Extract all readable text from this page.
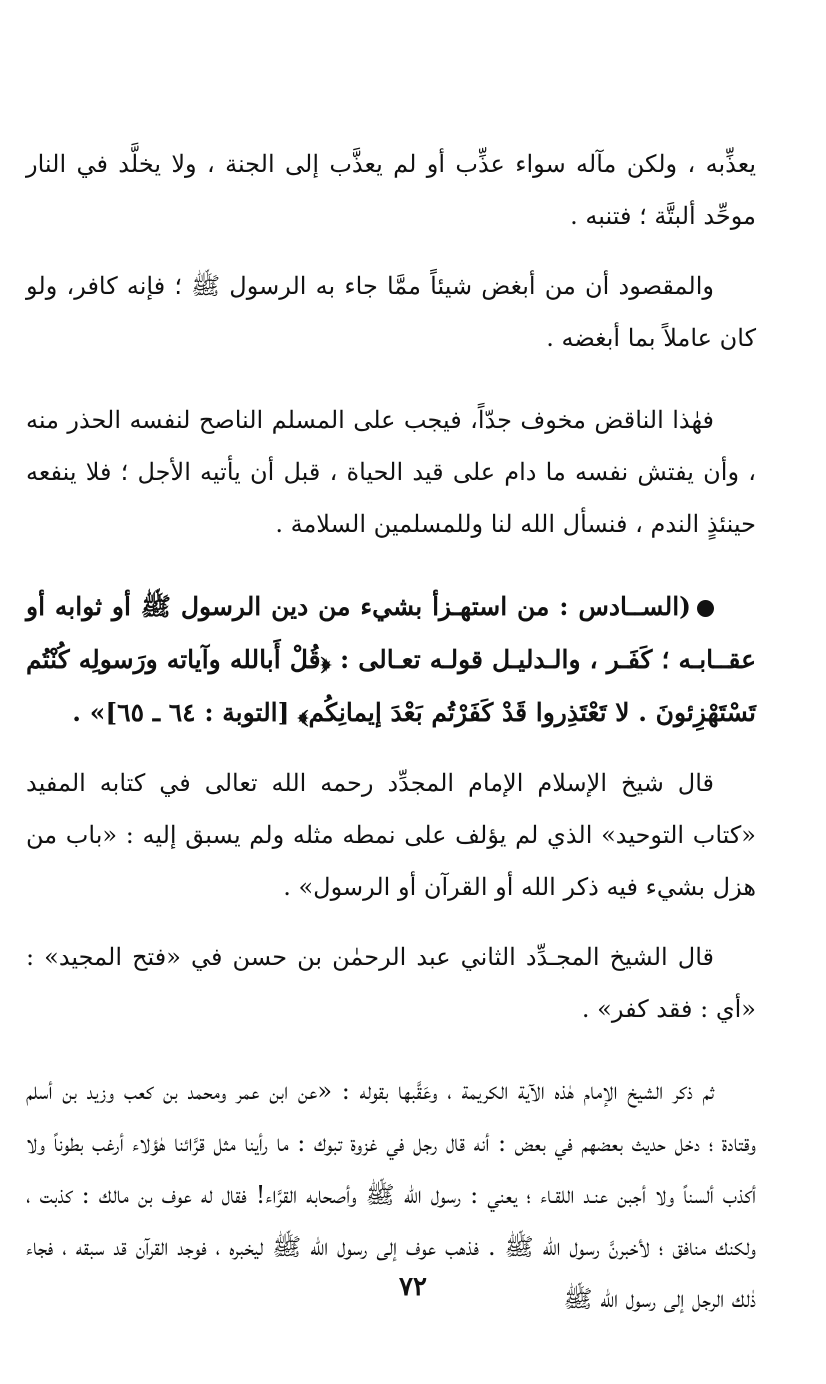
يعذِّبه ، ولكن مآله سواء عذِّب أو لم يعذَّب إلى الجنة ، ولا يخلَّد في النار موحِّد ألبتَّة ؛ فتنبه .

والمقصود أن من أبغض شيئاً ممَّا جاء به الرسول ﷺ ؛ فإنه كافر، ولو كان عاملاً بما أبغضه .

فهٰذا الناقض مخوف جدّاً، فيجب على المسلم الناصح لنفسه الحذر منه ، وأن يفتش نفسه ما دام على قيد الحياة ، قبل أن يأتيه الأجل ؛ فلا ينفعه حينئذٍ الندم ، فنسأل الله لنا وللمسلمين السلامة .

(الســادس : من استهـزأ بشيء من دين الرسول ﷺ أو ثوابه أو عقــابـه ؛ كَفَـر ، والـدليـل قولـه تعـالى : ﴿قُلْ أَبالله وآياته ورَسولِه كُنْتُم تَسْتَهْزِئونَ . لا تَعْتَذِروا قَدْ كَفَرْتُم بَعْدَ إيمانِكُم﴾ [التوبة : ٦٤ ـ ٦٥]» .

قال شيخ الإسلام الإمام المجدِّد رحمه الله تعالى في كتابه المفيد «كتاب التوحيد» الذي لم يؤلف على نمطه مثله ولم يسبق إليه : «باب من هزل بشيء فيه ذكر الله أو القرآن أو الرسول» .

قال الشيخ المجـدِّد الثاني عبد الرحمٰن بن حسن في «فتح المجيد» : «أي : فقد كفر» .

ثم ذكر الشيخ الإمام هٰذه الآية الكريمة ، وعَقَّبها بقوله : «عن ابن عمر ومحمد بن كعب وزيد بن أسلم وقتادة ؛ دخل حديث بعضهم في بعض : أنه قال رجل في غزوة تبوك : ما رأينا مثل قرَّائنا هٰؤلاء أرغب بطوناً ولا أكذب ألسناً ولا أجبن عنـد اللقـاء ؛ يعني : رسول الله ﷺ وأصحابه القرَّاء! فقال له عوف بن مالك : كذبت ، ولكنك منافق ؛ لأخبرنَّ رسول الله ﷺ . فذهب عوف إلى رسول الله ﷺ ليخبره ، فوجد القرآن قد سبقه ، فجاء ذٰلك الرجل إلى رسول الله ﷺ

٧٢
